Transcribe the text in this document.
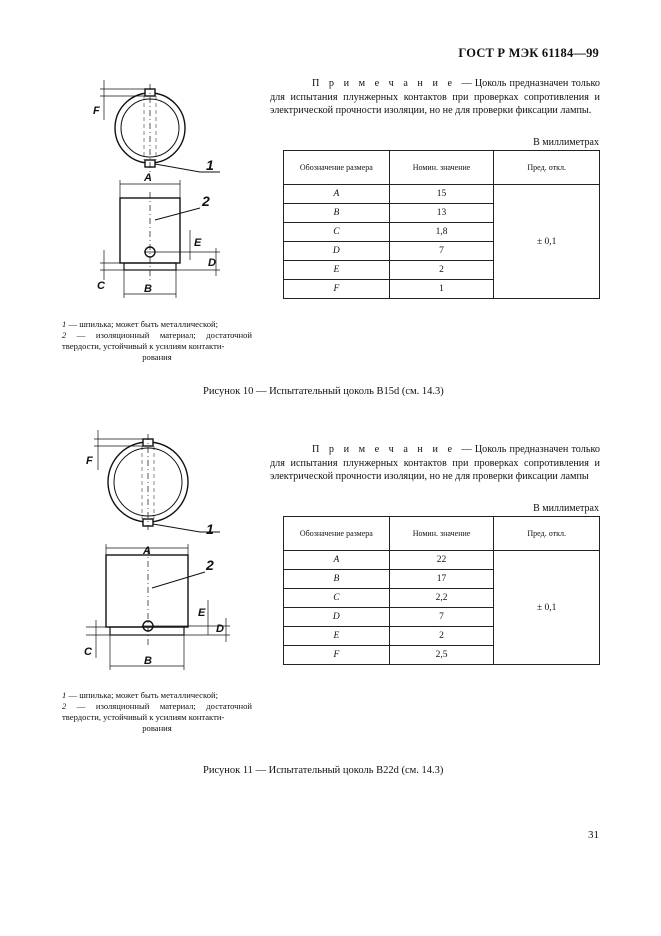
ГОСТ Р МЭК 61184—99
A
B
C
D
E
F
1
2
П р и м е ч а н и е —Цоколь предназначен только для испытания плунжерных контактов при проверках сопротивления и электрической прочности изоляции, но не для проверки фиксации лампы.
В миллиметрах
Обозначение размера	Номин. значение	Пред. откл.
A	15	± 0,1
B	13	
C	1,8	
D	7	
E	2	
F	1	
1 — шпилька; может быть металлической;
2 — изоляционный материал; достаточной твердости, устойчивый к усилиям контакти-
рования
Рисунок 10 — Испытательный цоколь B15d (см. 14.3)
A
B
C
D
E
F
1
2
П р и м е ч а н и е —Цоколь предназначен только для испытания плунжерных контактов при проверках сопротивления и электрической прочности изоляции, но не для проверки фиксации лампы
В миллиметрах
Обозначение размера	Номин. значение	Пред. откл.
A	22	± 0,1
B	17	
C	2,2	
D	7	
E	2	
F	2,5	
1 — шпилька; может быть металлической;
2 — изоляционный материал; достаточной твердости, устойчивый к усилиям контакти-
рования
Рисунок 11 — Испытательный цоколь B22d (см. 14.3)
31
